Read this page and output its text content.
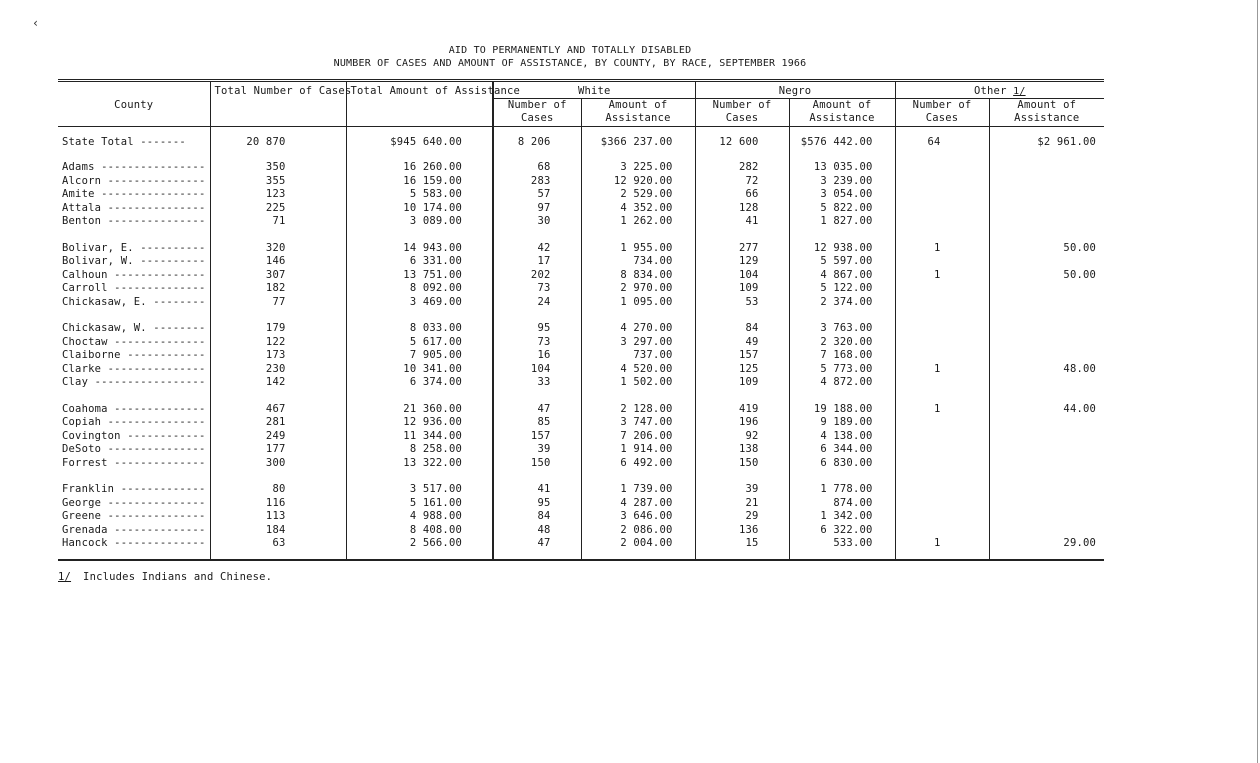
‹
AID TO PERMANENTLY AND TOTALLY DISABLED
NUMBER OF CASES AND AMOUNT OF ASSISTANCE, BY COUNTY, BY RACE, SEPTEMBER 1966
County	Total Number of Cases	Total Amount of Assistance	White		Negro		Other 1/	
			Number of Cases	Amount of Assistance	Number of Cases	Amount of Assistance	Number of Cases	Amount of Assistance
State Total -------	20 870	$945 640.00	8 206	$366 237.00	12 600	$576 442.00	64	$2 961.00

Adams ----------------	350	16 260.00	68	3 225.00	282	13 035.00		
Alcorn ---------------	355	16 159.00	283	12 920.00	72	3 239.00		
Amite ----------------	123	5 583.00	57	2 529.00	66	3 054.00		
Attala ---------------	225	10 174.00	97	4 352.00	128	5 822.00		
Benton ---------------	71	3 089.00	30	1 262.00	41	1 827.00		

Bolivar, E. ----------	320	14 943.00	42	1 955.00	277	12 938.00	1	50.00
Bolivar, W. ----------	146	6 331.00	17	734.00	129	5 597.00		
Calhoun --------------	307	13 751.00	202	8 834.00	104	4 867.00	1	50.00
Carroll --------------	182	8 092.00	73	2 970.00	109	5 122.00		
Chickasaw, E. --------	77	3 469.00	24	1 095.00	53	2 374.00		

Chickasaw, W. --------	179	8 033.00	95	4 270.00	84	3 763.00		
Choctaw --------------	122	5 617.00	73	3 297.00	49	2 320.00		
Claiborne ------------	173	7 905.00	16	737.00	157	7 168.00		
Clarke ---------------	230	10 341.00	104	4 520.00	125	5 773.00	1	48.00
Clay -----------------	142	6 374.00	33	1 502.00	109	4 872.00		

Coahoma --------------	467	21 360.00	47	2 128.00	419	19 188.00	1	44.00
Copiah ---------------	281	12 936.00	85	3 747.00	196	9 189.00		
Covington ------------	249	11 344.00	157	7 206.00	92	4 138.00		
DeSoto ---------------	177	8 258.00	39	1 914.00	138	6 344.00		
Forrest --------------	300	13 322.00	150	6 492.00	150	6 830.00		

Franklin -------------	80	3 517.00	41	1 739.00	39	1 778.00		
George ---------------	116	5 161.00	95	4 287.00	21	874.00		
Greene ---------------	113	4 988.00	84	3 646.00	29	1 342.00		
Grenada --------------	184	8 408.00	48	2 086.00	136	6 322.00		
Hancock --------------	63	2 566.00	47	2 004.00	15	533.00	1	29.00

1/ Includes Indians and Chinese.
